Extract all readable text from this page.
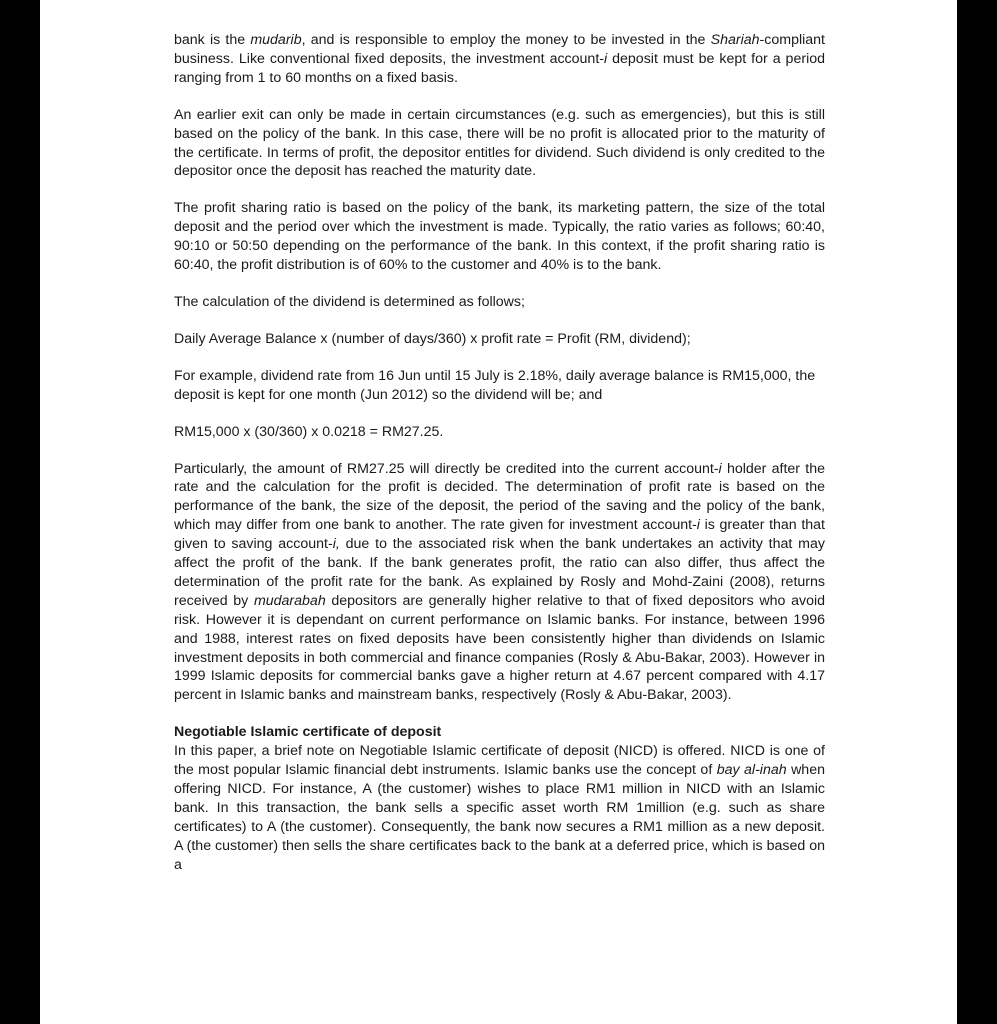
bank is the mudarib, and is responsible to employ the money to be invested in the Shariah-compliant business. Like conventional fixed deposits, the investment account-i deposit must be kept for a period ranging from 1 to 60 months on a fixed basis.

An earlier exit can only be made in certain circumstances (e.g. such as emergencies), but this is still based on the policy of the bank. In this case, there will be no profit is allocated prior to the maturity of the certificate. In terms of profit, the depositor entitles for dividend. Such dividend is only credited to the depositor once the deposit has reached the maturity date.

The profit sharing ratio is based on the policy of the bank, its marketing pattern, the size of the total deposit and the period over which the investment is made. Typically, the ratio varies as follows; 60:40, 90:10 or 50:50 depending on the performance of the bank. In this context, if the profit sharing ratio is 60:40, the profit distribution is of 60% to the customer and 40% is to the bank.

The calculation of the dividend is determined as follows;

Daily Average Balance x (number of days/360) x profit rate = Profit (RM, dividend);

For example, dividend rate from 16 Jun until 15 July is 2.18%, daily average balance is RM15,000, the deposit is kept for one month (Jun 2012) so the dividend will be; and

RM15,000 x (30/360) x 0.0218 = RM27.25.

Particularly, the amount of RM27.25 will directly be credited into the current account-i holder after the rate and the calculation for the profit is decided. The determination of profit rate is based on the performance of the bank, the size of the deposit, the period of the saving and the policy of the bank, which may differ from one bank to another. The rate given for investment account-i is greater than that given to saving account-i, due to the associated risk when the bank undertakes an activity that may affect the profit of the bank. If the bank generates profit, the ratio can also differ, thus affect the determination of the profit rate for the bank. As explained by Rosly and Mohd-Zaini (2008), returns received by mudarabah depositors are generally higher relative to that of fixed depositors who avoid risk. However it is dependant on current performance on Islamic banks. For instance, between 1996 and 1988, interest rates on fixed deposits have been consistently higher than dividends on Islamic investment deposits in both commercial and finance companies (Rosly & Abu-Bakar, 2003). However in 1999 Islamic deposits for commercial banks gave a higher return at 4.67 percent compared with 4.17 percent in Islamic banks and mainstream banks, respectively (Rosly & Abu-Bakar, 2003).

Negotiable Islamic certificate of deposit

In this paper, a brief note on Negotiable Islamic certificate of deposit (NICD) is offered. NICD is one of the most popular Islamic financial debt instruments. Islamic banks use the concept of bay al-inah when offering NICD. For instance, A (the customer) wishes to place RM1 million in NICD with an Islamic bank. In this transaction, the bank sells a specific asset worth RM 1million (e.g. such as share certificates) to A (the customer). Consequently, the bank now secures a RM1 million as a new deposit. A (the customer) then sells the share certificates back to the bank at a deferred price, which is based on a
